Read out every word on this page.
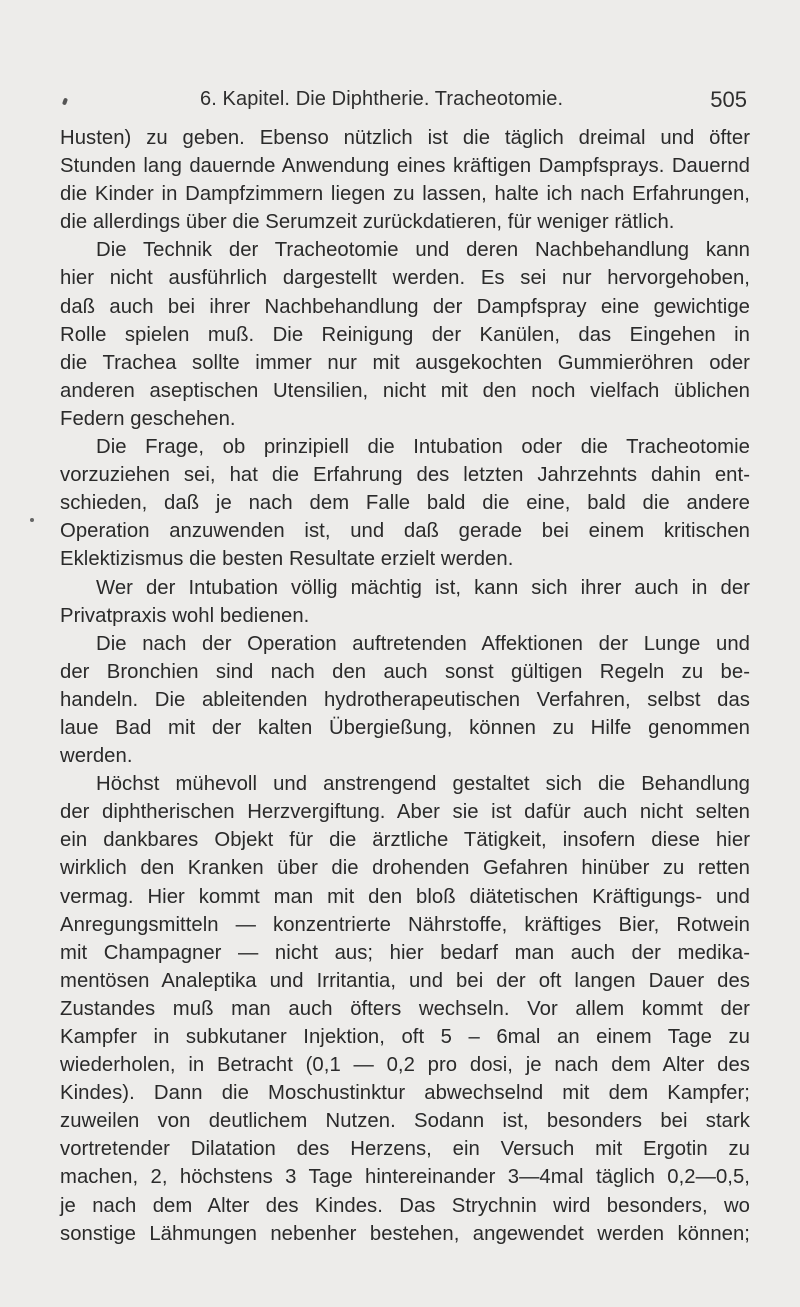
6. Kapitel. Die Diphtherie. Tracheotomie.	505
Husten) zu geben. Ebenso nützlich ist die täglich dreimal und öfter
Stunden lang dauernde Anwendung eines kräftigen Dampfsprays. Dauernd
die Kinder in Dampfzimmern liegen zu lassen, halte ich nach Erfahrungen,
die allerdings über die Serumzeit zurückdatieren, für weniger rätlich.
Die Technik der Tracheotomie und deren Nachbehandlung kann
hier nicht ausführlich dargestellt werden. Es sei nur hervorgehoben,
daß auch bei ihrer Nachbehandlung der Dampfspray eine gewichtige
Rolle spielen muß. Die Reinigung der Kanülen, das Eingehen in
die Trachea sollte immer nur mit ausgekochten Gummieröhren oder
anderen aseptischen Utensilien, nicht mit den noch vielfach üblichen
Federn geschehen.
Die Frage, ob prinzipiell die Intubation oder die Tracheotomie
vorzuziehen sei, hat die Erfahrung des letzten Jahrzehnts dahin ent-
schieden, daß je nach dem Falle bald die eine, bald die andere
Operation anzuwenden ist, und daß gerade bei einem kritischen
Eklektizismus die besten Resultate erzielt werden.
Wer der Intubation völlig mächtig ist, kann sich ihrer auch in der
Privatpraxis wohl bedienen.
Die nach der Operation auftretenden Affektionen der Lunge und
der Bronchien sind nach den auch sonst gültigen Regeln zu be-
handeln. Die ableitenden hydrotherapeutischen Verfahren, selbst das
laue Bad mit der kalten Übergießung, können zu Hilfe genommen
werden.
Höchst mühevoll und anstrengend gestaltet sich die Behandlung
der diphtherischen Herzvergiftung. Aber sie ist dafür auch nicht selten
ein dankbares Objekt für die ärztliche Tätigkeit, insofern diese hier
wirklich den Kranken über die drohenden Gefahren hinüber zu retten
vermag. Hier kommt man mit den bloß diätetischen Kräftigungs- und
Anregungsmitteln — konzentrierte Nährstoffe, kräftiges Bier, Rotwein
mit Champagner — nicht aus; hier bedarf man auch der medika-
mentösen Analeptika und Irritantia, und bei der oft langen Dauer des
Zustandes muß man auch öfters wechseln. Vor allem kommt der
Kampfer in subkutaner Injektion, oft 5 – 6mal an einem Tage zu
wiederholen, in Betracht (0,1 — 0,2 pro dosi, je nach dem Alter des
Kindes). Dann die Moschustinktur abwechselnd mit dem Kampfer;
zuweilen von deutlichem Nutzen. Sodann ist, besonders bei stark
vortretender Dilatation des Herzens, ein Versuch mit Ergotin zu
machen, 2, höchstens 3 Tage hintereinander 3—4mal täglich 0,2—0,5,
je nach dem Alter des Kindes. Das Strychnin wird besonders, wo
sonstige Lähmungen nebenher bestehen, angewendet werden können;
